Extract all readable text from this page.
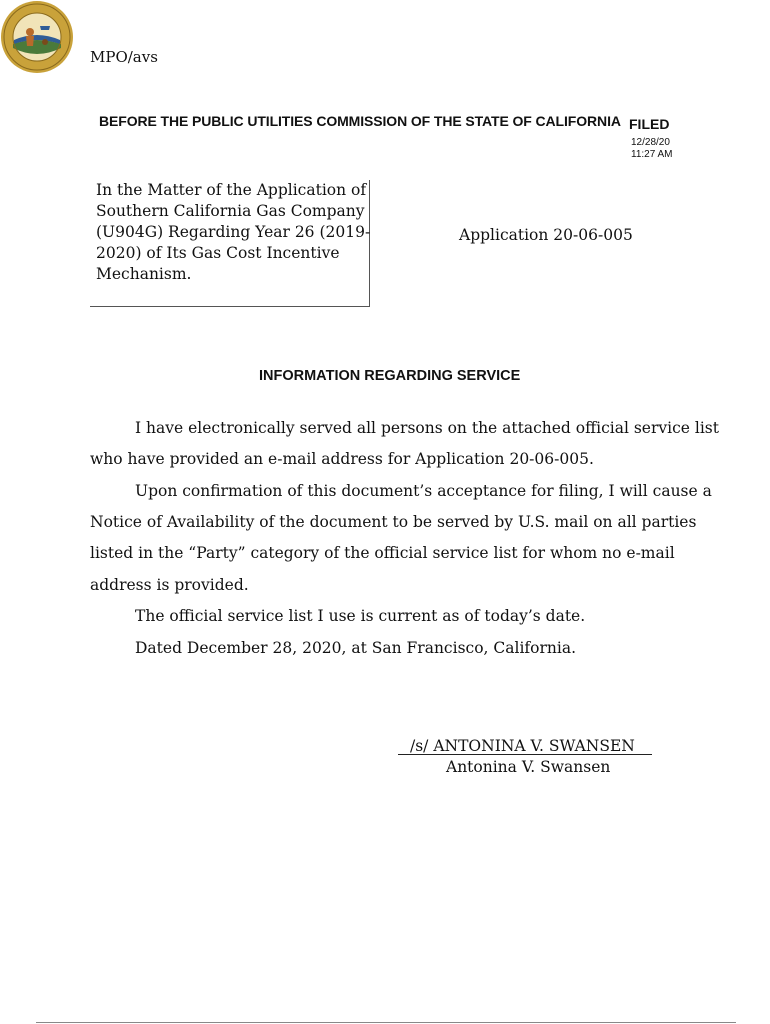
MPO/avs
BEFORE THE PUBLIC UTILITIES COMMISSION OF THE STATE OF CALIFORNIA FILED
12/28/20
11:27 AM
In the Matter of the Application of
Southern California Gas Company
(U904G) Regarding Year 26 (2019-
2020) of Its Gas Cost Incentive
Mechanism.
Application 20-06-005
INFORMATION REGARDING SERVICE
I have electronically served all persons on the attached official service list
who have provided an e-mail address for Application 20-06-005.
Upon confirmation of this document’s acceptance for filing, I will cause a
Notice of Availability of the document to be served by U.S. mail on all parties
listed in the “Party” category of the official service list for whom no e-mail
address is provided.
The official service list I use is current as of today’s date.
Dated December 28, 2020, at San Francisco, California.
/s/ ANTONINA V. SWANSEN
Antonina V. Swansen
